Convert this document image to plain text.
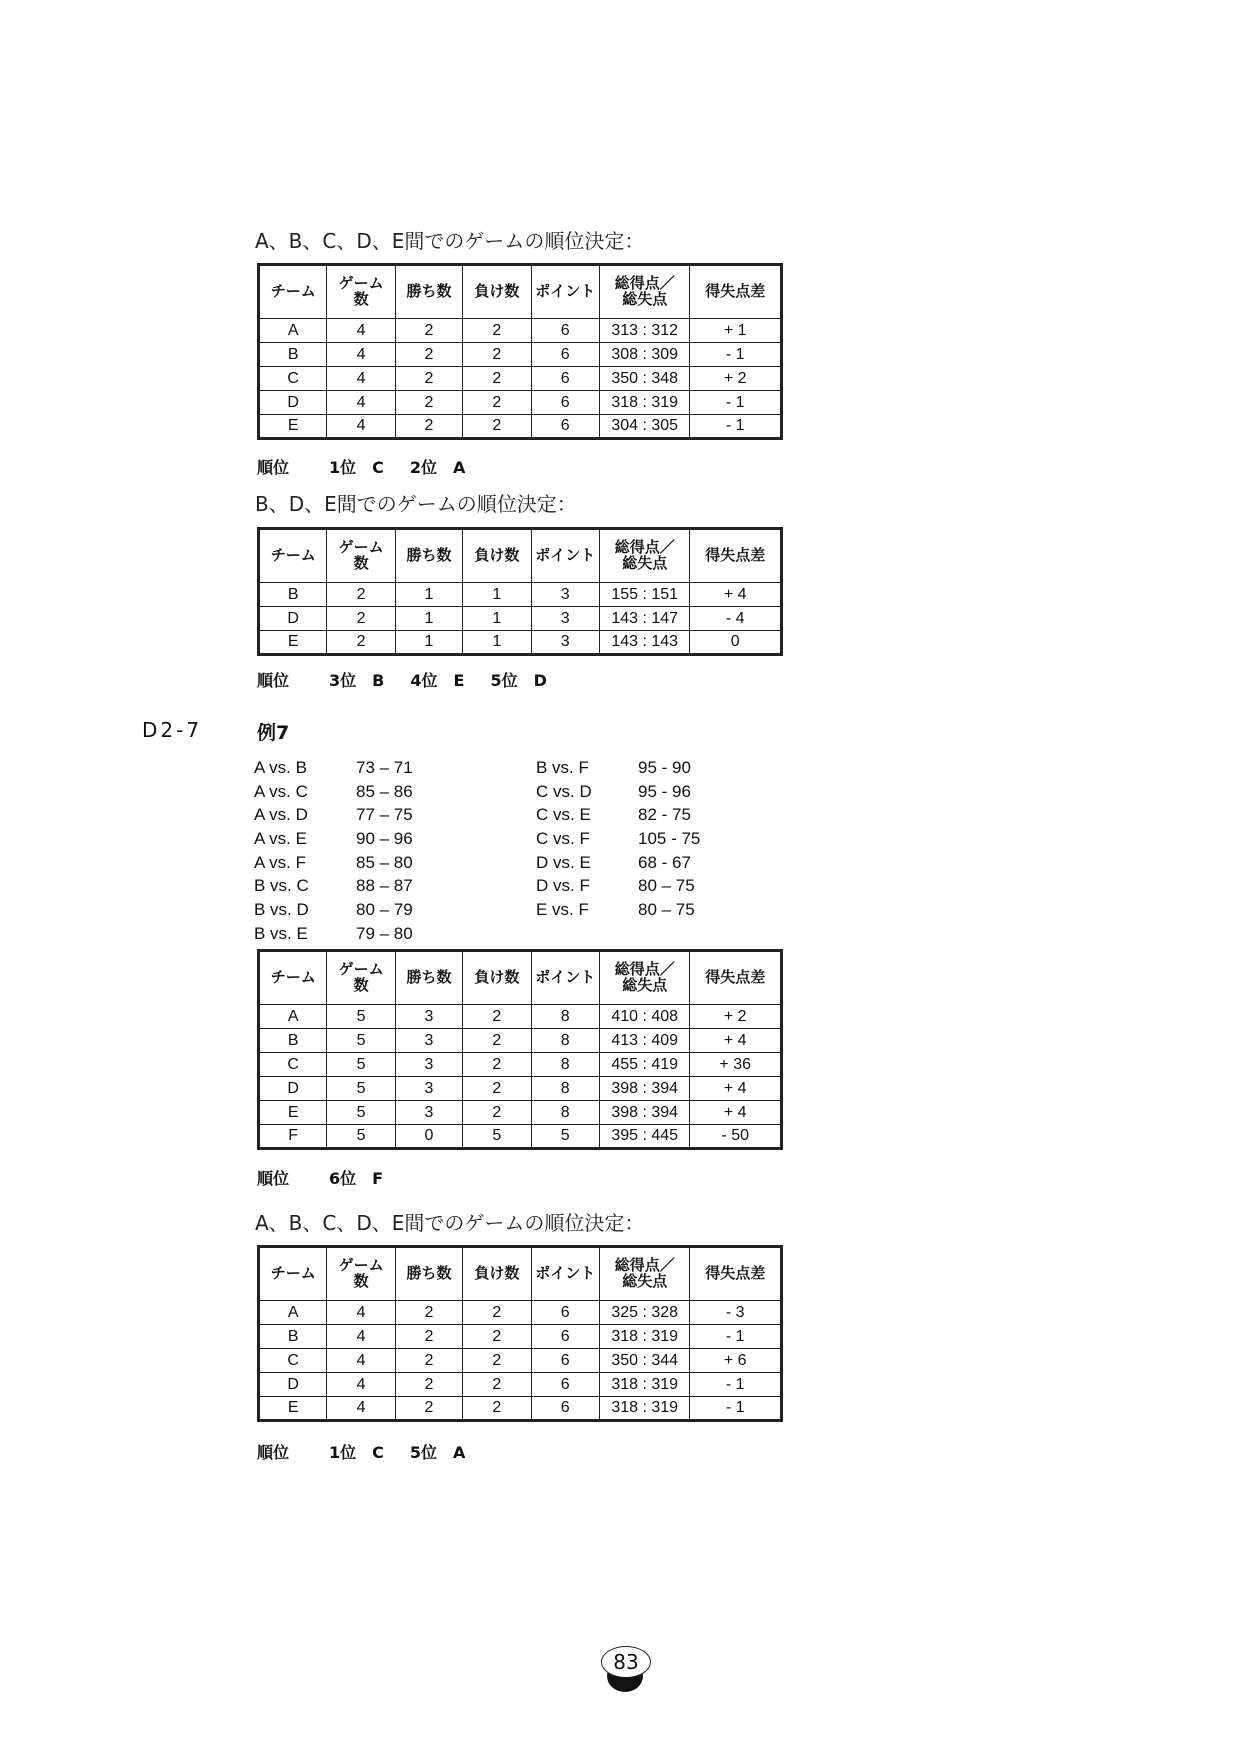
A、B、C、D、E間でのゲームの順位決定：
チーム	ゲーム
数	勝ち数	負け数	ポイント	総得点／
総失点	得失点差
A	4	2	2	6	313 : 312	+ 1
B	4	2	2	6	308 : 309	- 1
C	4	2	2	6	350 : 348	+ 2
D	4	2	2	6	318 : 319	- 1
E	4	2	2	6	304 : 305	- 1
順位	1位　C 2位　A
B、D、E間でのゲームの順位決定：
チーム	ゲーム
数	勝ち数	負け数	ポイント	総得点／
総失点	得失点差
B	2	1	1	3	155 : 151	+ 4
D	2	1	1	3	143 : 147	- 4
E	2	1	1	3	143 : 143	0
順位	3位　B 4位　E 5位　D
D2-7	例7
A vs. B	73 – 71
A vs. C	85 – 86
A vs. D	77 – 75
A vs. E	90 – 96
A vs. F	85 – 80
B vs. C	88 – 87
B vs. D	80 – 79
B vs. E	79 – 80
B vs. F	95 - 90
C vs. D	95 - 96
C vs. E	82 - 75
C vs. F	105 - 75
D vs. E	68 - 67
D vs. F	80 – 75
E vs. F	80 – 75
チーム	ゲーム
数	勝ち数	負け数	ポイント	総得点／
総失点	得失点差
A	5	3	2	8	410 : 408	+ 2
B	5	3	2	8	413 : 409	+ 4
C	5	3	2	8	455 : 419	+ 36
D	5	3	2	8	398 : 394	+ 4
E	5	3	2	8	398 : 394	+ 4
F	5	0	5	5	395 : 445	- 50
順位	6位　F
A、B、C、D、E間でのゲームの順位決定：
チーム	ゲーム
数	勝ち数	負け数	ポイント	総得点／
総失点	得失点差
A	4	2	2	6	325 : 328	- 3
B	4	2	2	6	318 : 319	- 1
C	4	2	2	6	350 : 344	+ 6
D	4	2	2	6	318 : 319	- 1
E	4	2	2	6	318 : 319	- 1
順位	1位　C 5位　A
83
